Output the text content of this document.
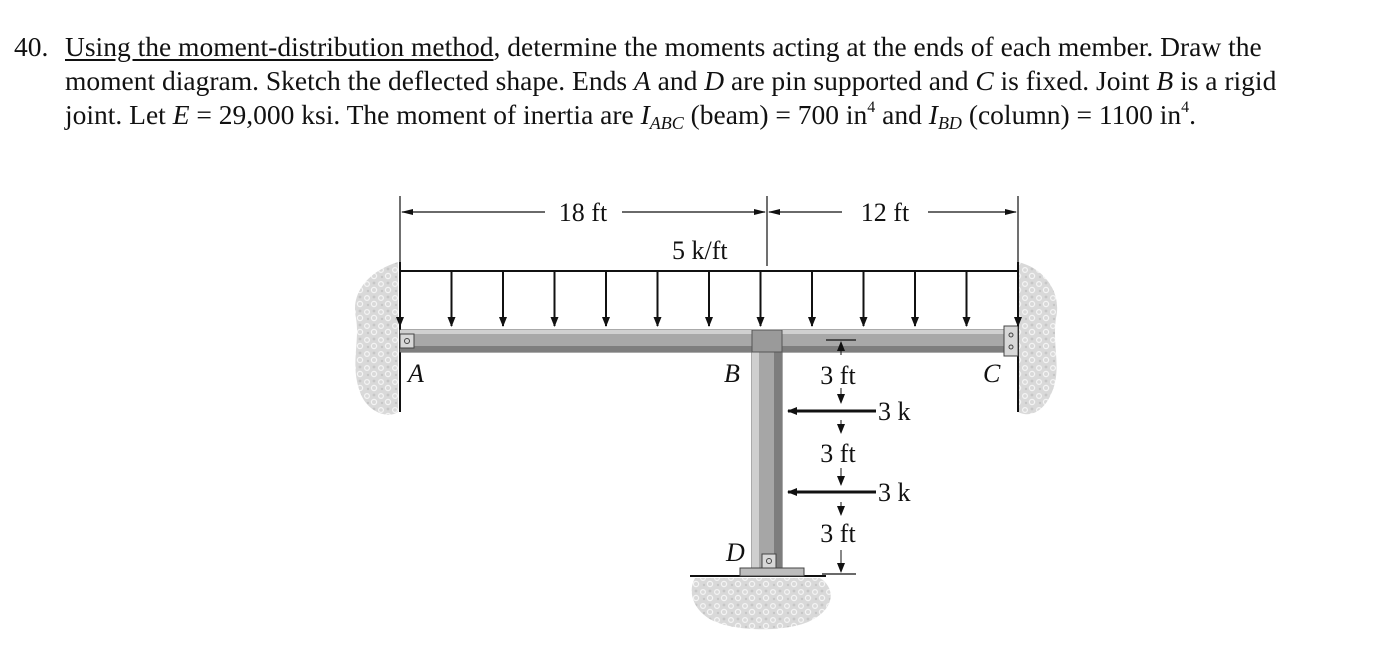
40. Using the moment-distribution method, determine the moments acting at the ends of each member. Draw the
moment diagram. Sketch the deflected shape. Ends A and D are pin supported and C is fixed. Joint B is a rigid
joint. Let E = 29,000 ksi. The moment of inertia are $I_{ABC}$ (beam) = 700 $in^4$ and $I_{BD}$ (column) = 1100 $in^4$.
5 k/ft
18 ft	12 ft
3 ft
3 ft
3 ft
3 k
3 k
A	B	C
D
